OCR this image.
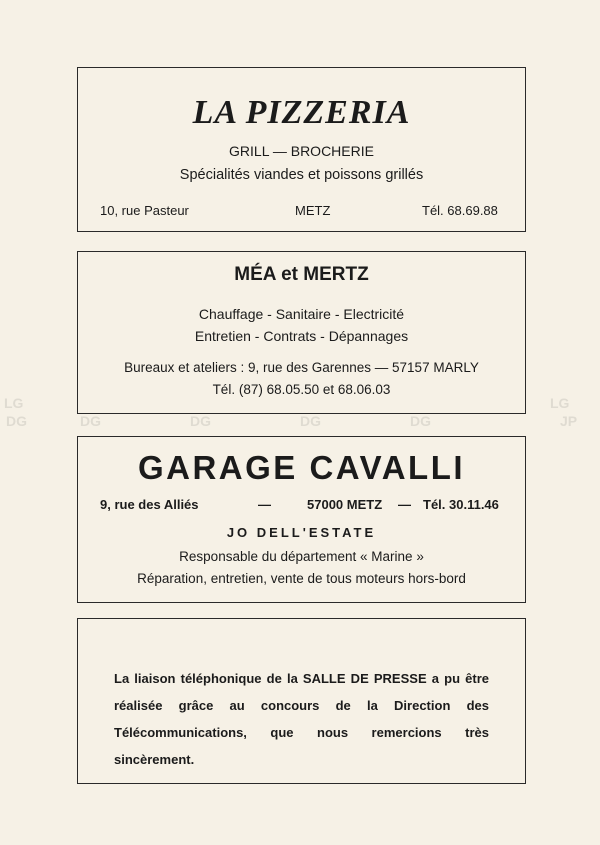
LG
DG	DG	DG	DG	DG
LG
JP
LA PIZZERIA
GRILL — BROCHERIE
Spécialités viandes et poissons grillés
10, rue Pasteur	METZ	Tél. 68.69.88
MÉA et MERTZ
Chauffage - Sanitaire - Electricité
Entretien - Contrats - Dépannages
Bureaux et ateliers : 9, rue des Garennes — 57157 MARLY
Tél. (87) 68.05.50 et 68.06.03
GARAGE CAVALLI
9, rue des Alliés	—	57000 METZ — Tél. 30.11.46
JO DELL'ESTATE
Responsable du département « Marine »
Réparation, entretien, vente de tous moteurs hors-bord
La liaison téléphonique de la SALLE DE PRESSE a pu être réalisée grâce au concours de la Direction des Télécommunications, que nous remercions très sincèrement.
